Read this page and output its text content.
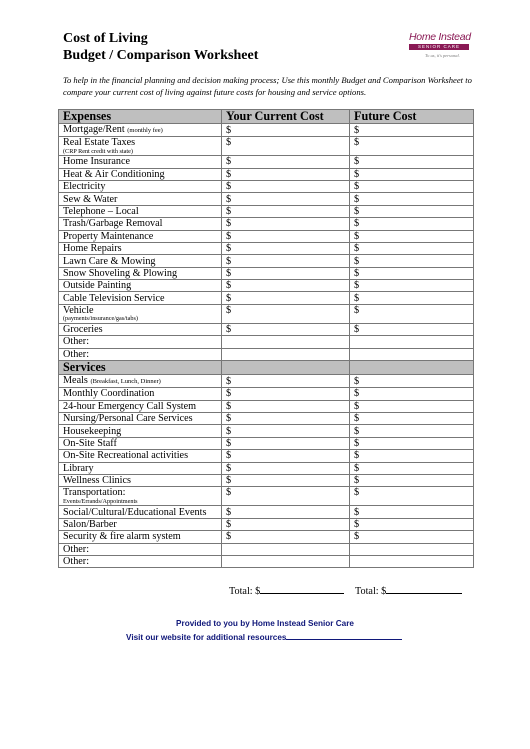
Cost of Living
Budget / Comparison Worksheet
Home Instead
SENIOR CARE
To us, it's personal.
To help in the financial planning and decision making process; Use this monthly Budget and Comparison Worksheet to compare your current cost of living against future costs for housing and service options.
Expenses	Your Current Cost	Future Cost
Mortgage/Rent (monthly fee)	$	$
Real Estate Taxes
(CRP Rent credit with state)	$	$
Home Insurance	$	$
Heat & Air Conditioning	$	$
Electricity	$	$
Sew & Water	$	$
Telephone – Local	$	$
Trash/Garbage Removal	$	$
Property Maintenance	$	$
Home Repairs	$	$
Lawn Care & Mowing	$	$
Snow Shoveling & Plowing	$	$
Outside Painting	$	$
Cable Television Service	$	$
Vehicle
(payments/insurance/gas/tabs)	$	$
Groceries	$	$
Other:		
Other:		
Services		
Meals (Breakfast, Lunch, Dinner)	$	$
Monthly Coordination	$	$
24-hour Emergency Call System	$	$
Nursing/Personal Care Services	$	$
Housekeeping	$	$
On-Site Staff	$	$
On-Site Recreational activities	$	$
Library	$	$
Wellness Clinics	$	$
Transportation:
Events/Errands/Appointments	$	$
Social/Cultural/Educational Events	$	$
Salon/Barber	$	$
Security & fire alarm system	$	$
Other:		
Other:		
Total: $	Total: $
Provided to you by Home Instead Senior Care
Visit our website for additional resources
